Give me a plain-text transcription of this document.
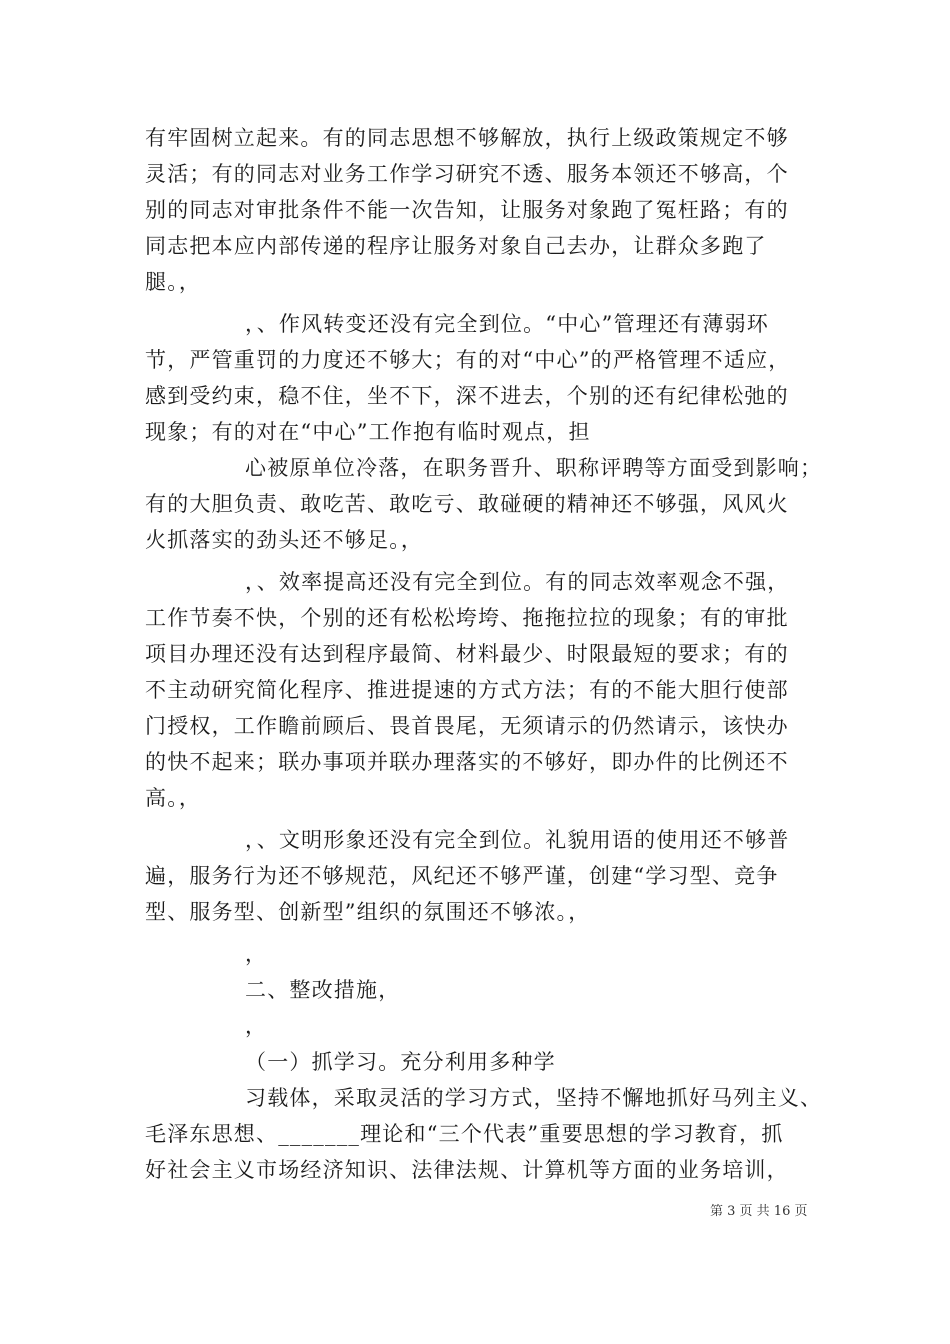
有牢固树立起来。有的同志思想不够解放，执行上级政策规定不够
灵活；有的同志对业务工作学习研究不透、服务本领还不够高，个
别的同志对审批条件不能一次告知，让服务对象跑了冤枉路；有的
同志把本应内部传递的程序让服务对象自己去办，让群众多跑了
腿。，
，、作风转变还没有完全到位。“中心”管理还有薄弱环
节，严管重罚的力度还不够大；有的对“中心”的严格管理不适应，
感到受约束，稳不住，坐不下，深不进去，个别的还有纪律松弛的
现象；有的对在“中心”工作抱有临时观点，担
心被原单位冷落，在职务晋升、职称评聘等方面受到影响；
有的大胆负责、敢吃苦、敢吃亏、敢碰硬的精神还不够强，风风火
火抓落实的劲头还不够足。，
，、效率提高还没有完全到位。有的同志效率观念不强，
工作节奏不快，个别的还有松松垮垮、拖拖拉拉的现象；有的审批
项目办理还没有达到程序最简、材料最少、时限最短的要求；有的
不主动研究简化程序、推进提速的方式方法；有的不能大胆行使部
门授权，工作瞻前顾后、畏首畏尾，无须请示的仍然请示，该快办
的快不起来；联办事项并联办理落实的不够好，即办件的比例还不
高。，
，、文明形象还没有完全到位。礼貌用语的使用还不够普
遍，服务行为还不够规范，风纪还不够严谨，创建“学习型、竞争
型、服务型、创新型”组织的氛围还不够浓。，
，
二、整改措施，
，
（一）抓学习。充分利用多种学
习载体，采取灵活的学习方式，坚持不懈地抓好马列主义、
毛泽东思想、_______理论和“三个代表”重要思想的学习教育，抓
好社会主义市场经济知识、法律法规、计算机等方面的业务培训，
第 3 页 共 16 页
